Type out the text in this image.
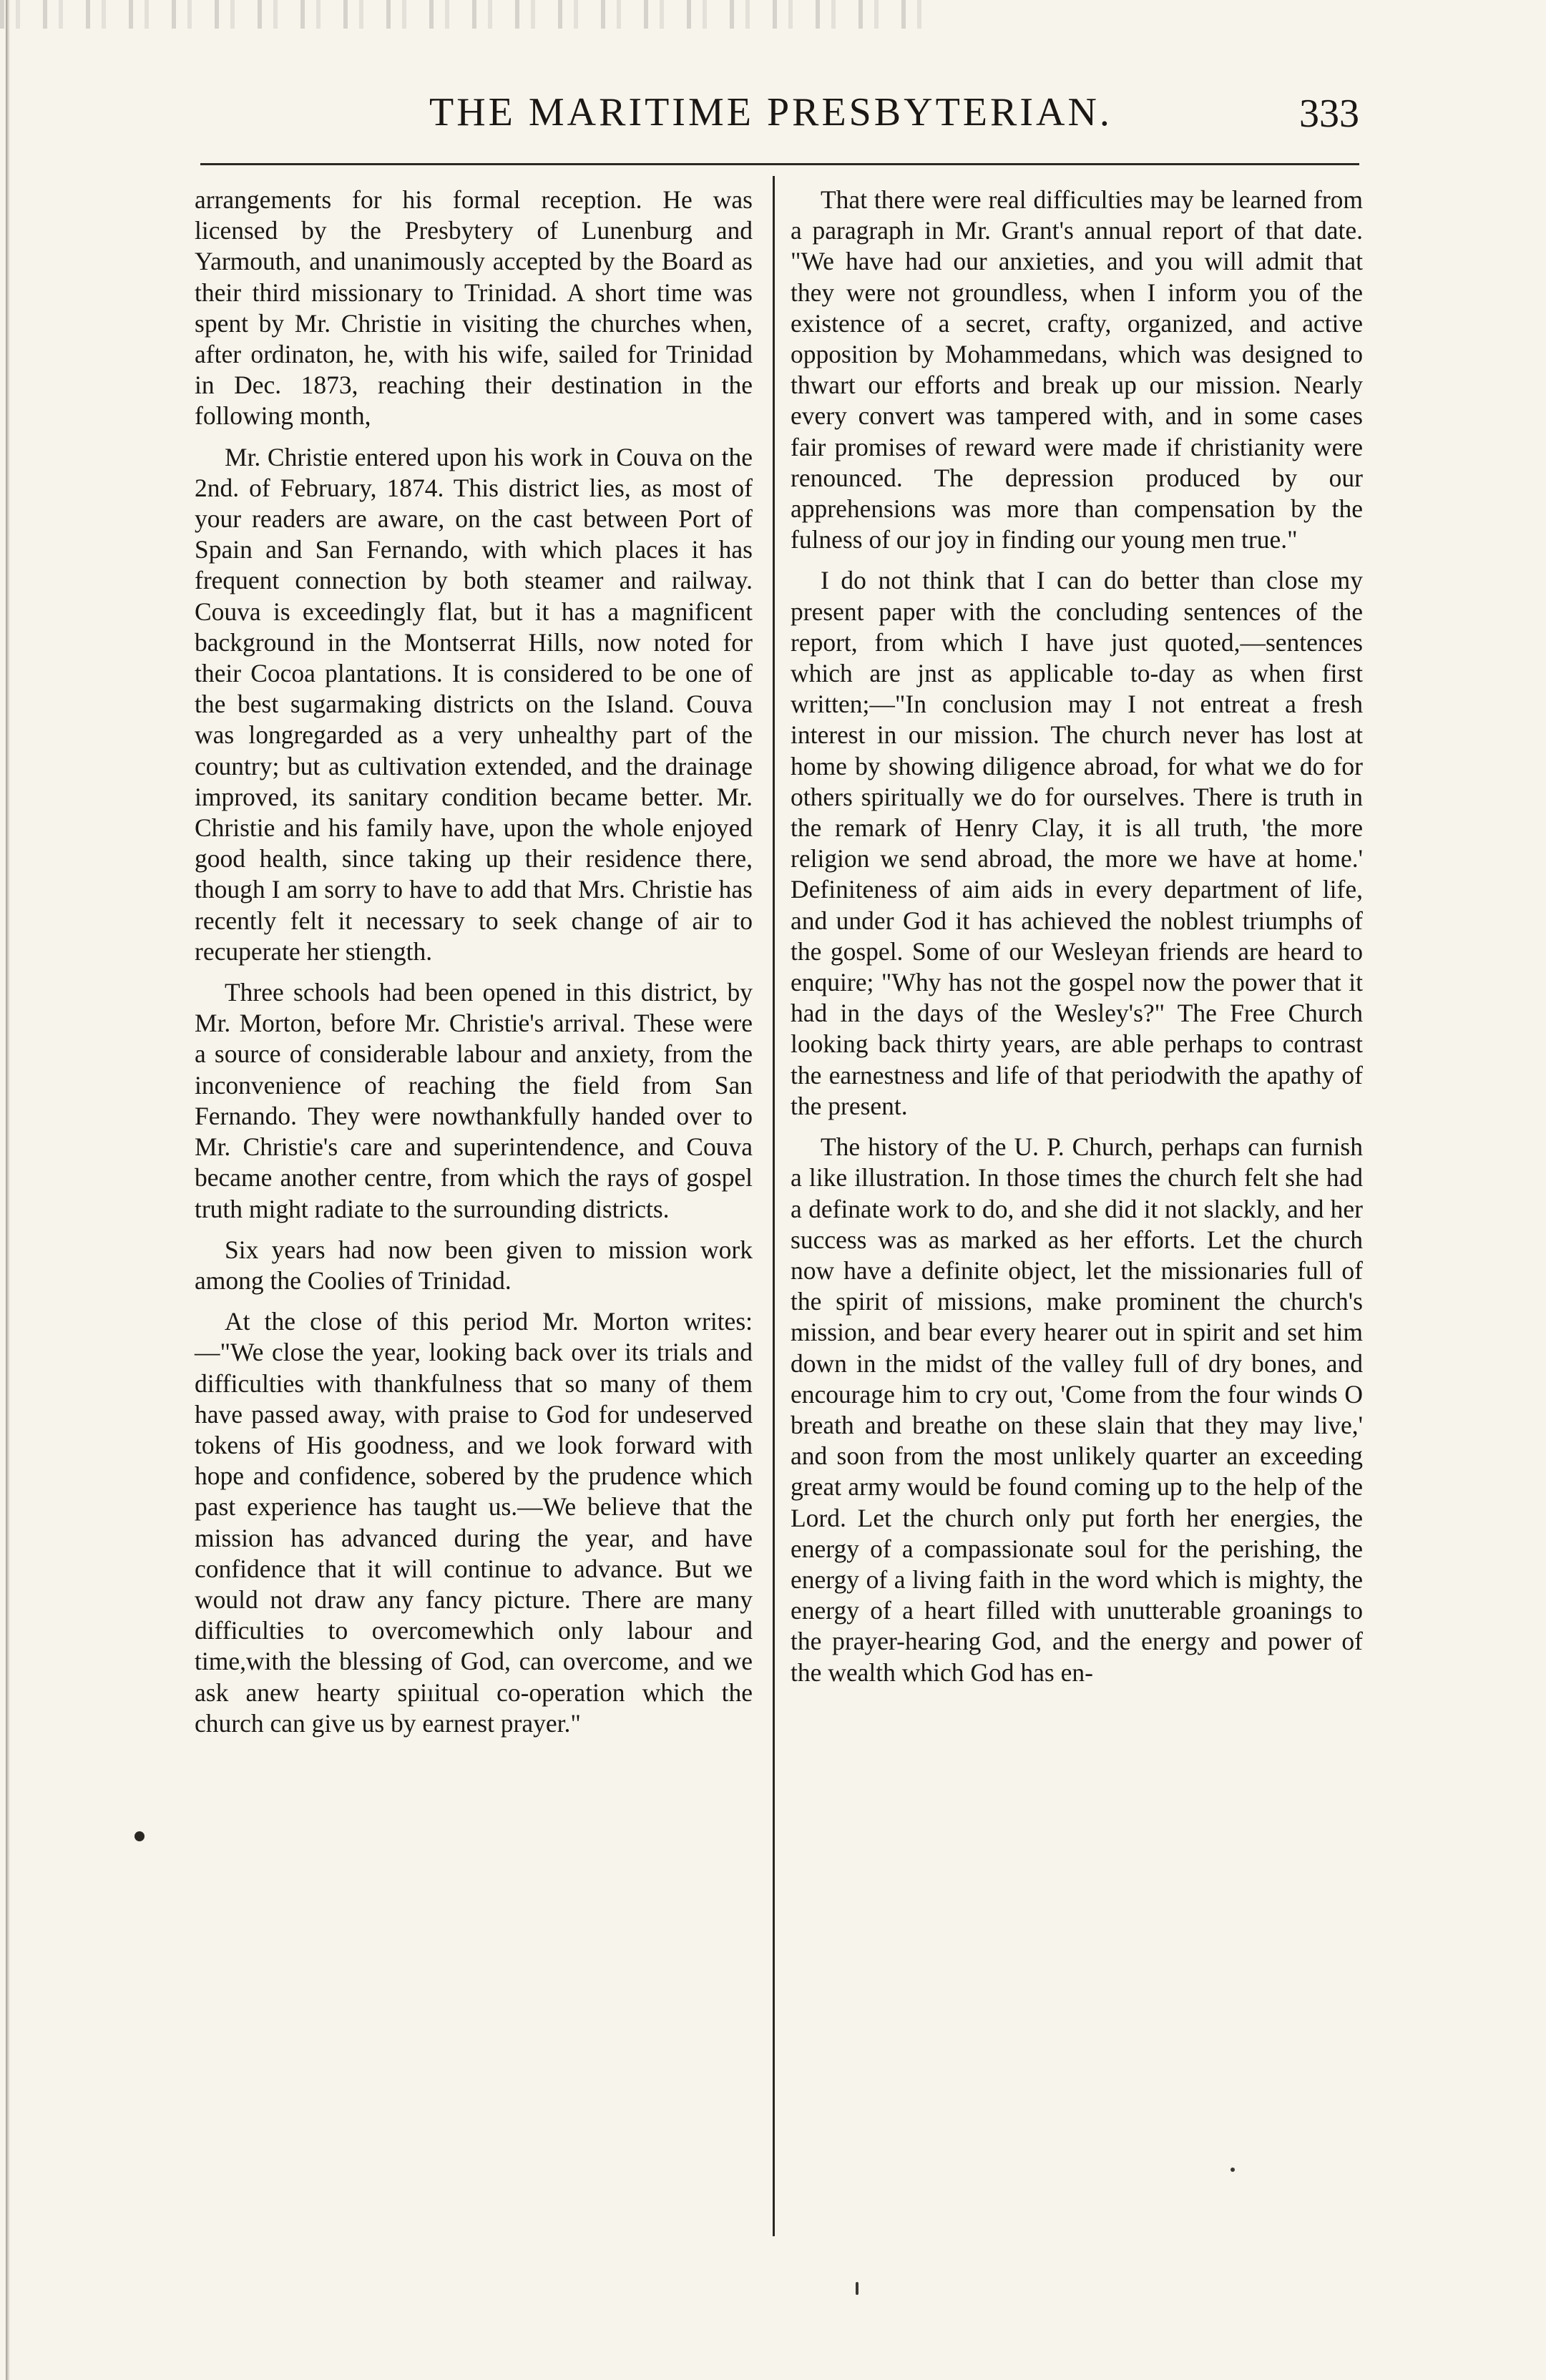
THE MARITIME PRESBYTERIAN.	333

arrangements for his formal reception. He was licensed by the Presbytery of Lunenburg and Yarmouth, and unanimously accepted by the Board as their third missionary to Trinidad. A short time was spent by Mr. Christie in visiting the churches when, after ordinaton, he, with his wife, sailed for Trinidad in Dec. 1873, reaching their destination in the following month,

Mr. Christie entered upon his work in Couva on the 2nd. of February, 1874. This district lies, as most of your readers are aware, on the cast between Port of Spain and San Fernando, with which places it has frequent connection by both steamer and railway. Couva is exceedingly flat, but it has a magnificent background in the Montserrat Hills, now noted for their Cocoa plantations. It is considered to be one of the best sugarmaking districts on the Island. Couva was longregarded as a very unhealthy part of the country; but as cultivation extended, and the drainage improved, its sanitary condition became better. Mr. Christie and his family have, upon the whole enjoyed good health, since taking up their residence there, though I am sorry to have to add that Mrs. Christie has recently felt it necessary to seek change of air to recuperate her stiength.

Three schools had been opened in this district, by Mr. Morton, before Mr. Christie's arrival. These were a source of considerable labour and anxiety, from the inconvenience of reaching the field from San Fernando. They were nowthankfully handed over to Mr. Christie's care and superintendence, and Couva became another centre, from which the rays of gospel truth might radiate to the surrounding districts.

Six years had now been given to mission work among the Coolies of Trinidad.

At the close of this period Mr. Morton writes:—"We close the year, looking back over its trials and difficulties with thankfulness that so many of them have passed away, with praise to God for undeserved tokens of His goodness, and we look forward with hope and confidence, sobered by the prudence which past experience has taught us.—We believe that the mission has advanced during the year, and have confidence that it will continue to advance. But we would not draw any fancy picture. There are many difficulties to overcomewhich only labour and time,with the blessing of God, can overcome, and we ask anew hearty spiıitual co-operation which the church can give us by earnest prayer."

That there were real difficulties may be learned from a paragraph in Mr. Grant's annual report of that date. "We have had our anxieties, and you will admit that they were not groundless, when I inform you of the existence of a secret, crafty, organized, and active opposition by Mohammedans, which was designed to thwart our efforts and break up our mission. Nearly every convert was tampered with, and in some cases fair promises of reward were made if christianity were renounced. The depression produced by our apprehensions was more than compensation by the fulness of our joy in finding our young men true."

I do not think that I can do better than close my present paper with the concluding sentences of the report, from which I have just quoted,—sentences which are jnst as applicable to-day as when first written;—"In conclusion may I not entreat a fresh interest in our mission. The church never has lost at home by showing diligence abroad, for what we do for others spiritually we do for ourselves. There is truth in the remark of Henry Clay, it is all truth, 'the more religion we send abroad, the more we have at home.' Definiteness of aim aids in every department of life, and under God it has achieved the noblest triumphs of the gospel. Some of our Wesleyan friends are heard to enquire; "Why has not the gospel now the power that it had in the days of the Wesley's?" The Free Church looking back thirty years, are able perhaps to contrast the earnestness and life of that periodwith the apathy of the present.

The history of the U. P. Church, perhaps can furnish a like illustration. In those times the church felt she had a definate work to do, and she did it not slackly, and her success was as marked as her efforts. Let the church now have a definite object, let the missionaries full of the spirit of missions, make prominent the church's mission, and bear every hearer out in spirit and set him down in the midst of the valley full of dry bones, and encourage him to cry out, 'Come from the four winds O breath and breathe on these slain that they may live,' and soon from the most unlikely quarter an exceeding great army would be found coming up to the help of the Lord. Let the church only put forth her energies, the energy of a compassionate soul for the perishing, the energy of a living faith in the word which is mighty, the energy of a heart filled with unutterable groanings to the prayer-hearing God, and the energy and power of the wealth which God has en-
